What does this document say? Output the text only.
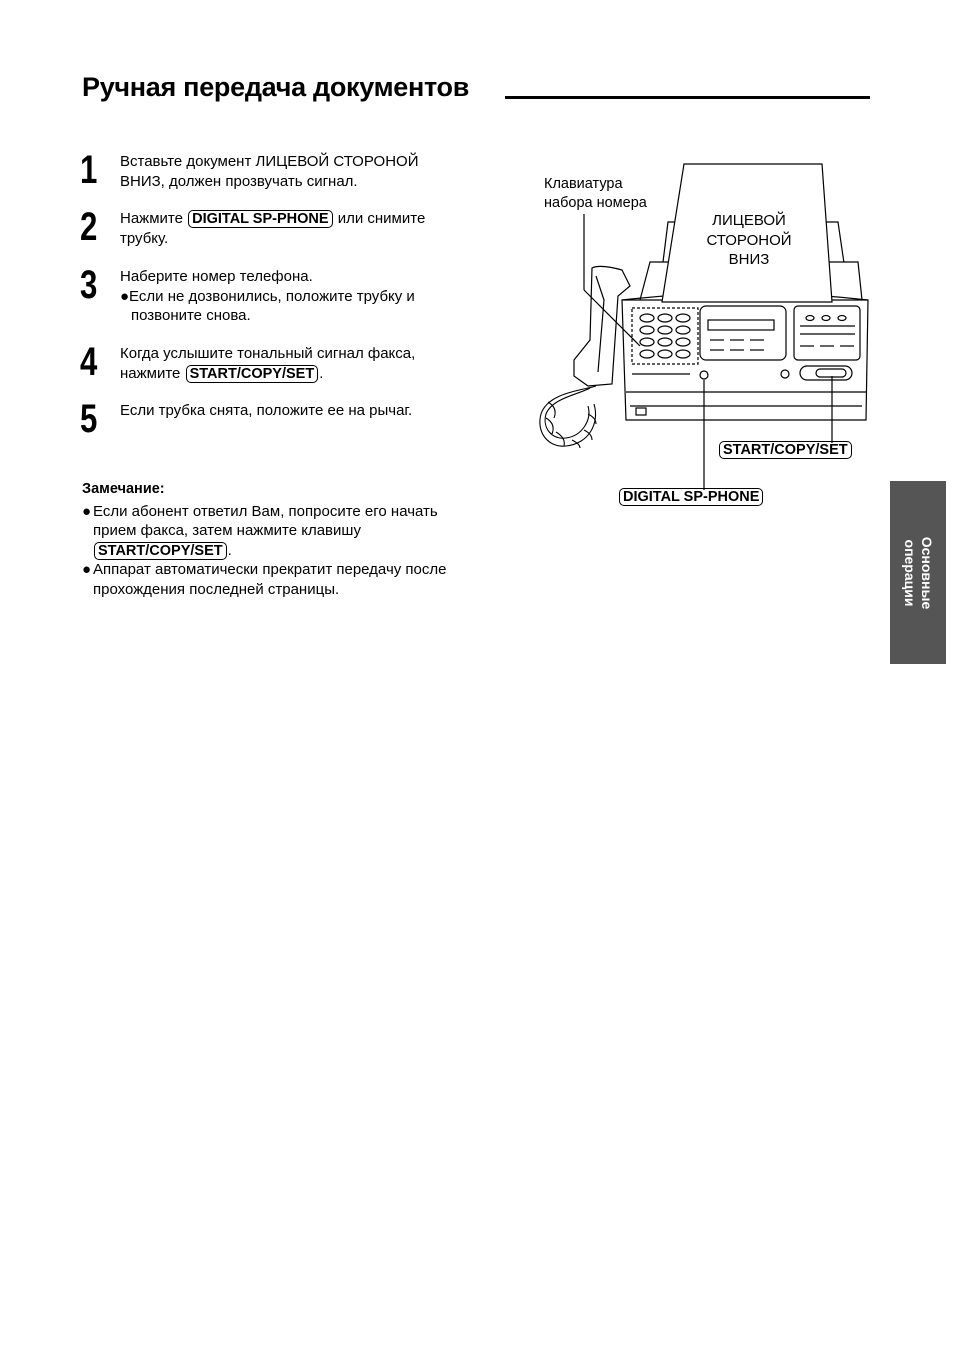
Ручная передача документов
1 Вставьте документ ЛИЦЕВОЙ СТОРОНОЙ
ВНИЗ, должен прозвучать сигнал.
2 Нажмите DIGITAL SP-PHONE или снимите
трубку.
3 Наберите номер телефона.
●Если не дозвонились, положите трубку и
позвоните снова.
4 Когда услышите тональный сигнал факса,
нажмите START/COPY/SET .
5 Если трубка снята, положите ее на рычаг.
Замечание:
● Если абонент ответил Вам, попросите его начать
прием факса, затем нажмите клавишу
START/COPY/SET .
● Аппарат автоматически прекратит передачу после
прохождения последней страницы.
Клавиатура
набора номера
ЛИЦЕВОЙ
СТОРОНОЙ
ВНИЗ
START/COPY/SET
DIGITAL SP-PHONE
Основные
операции
